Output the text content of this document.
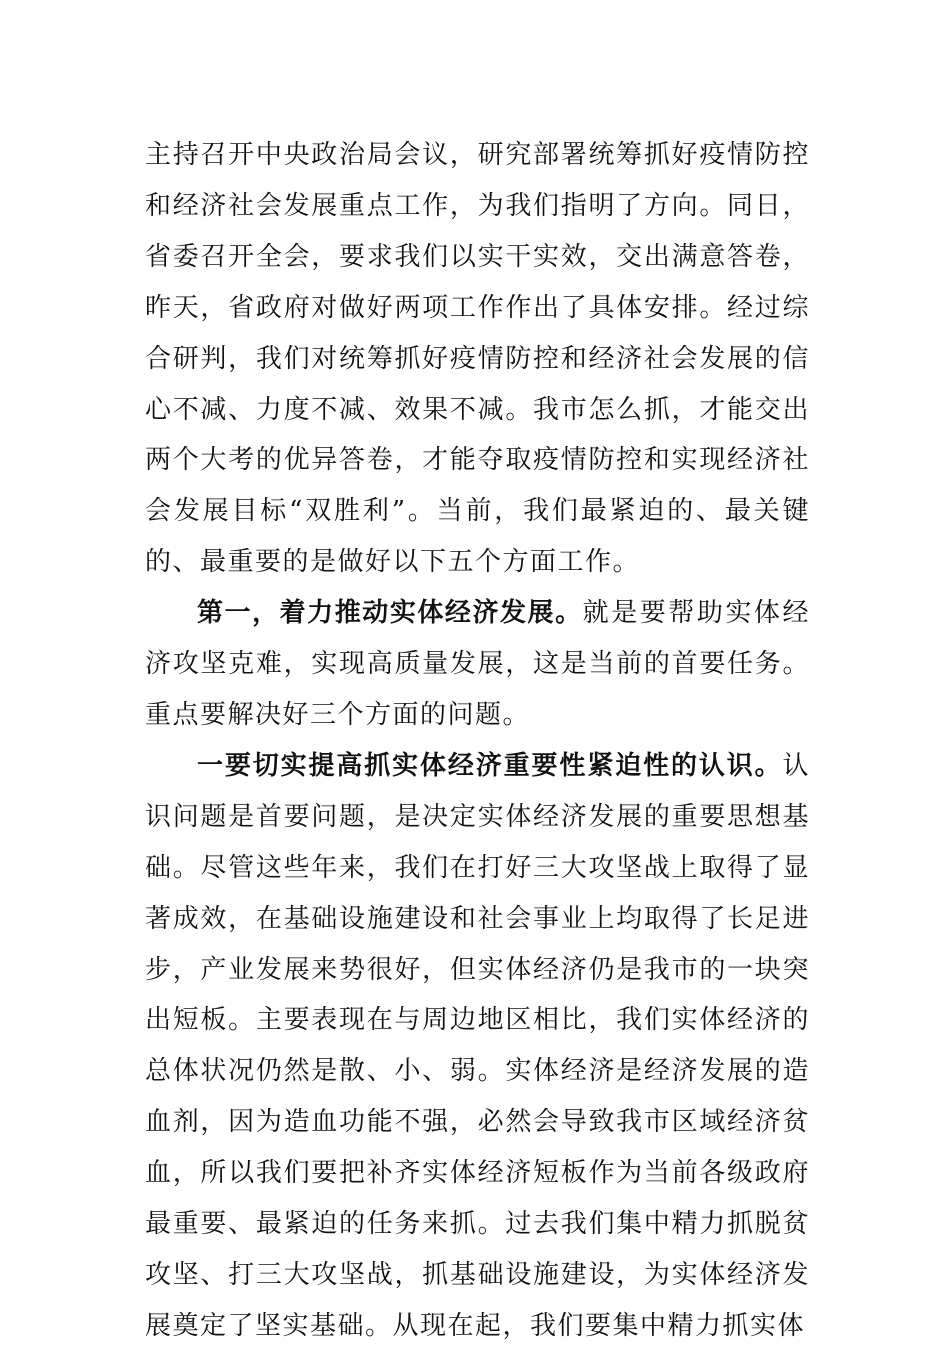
主持召开中央政治局会议，研究部署统筹抓好疫情防控和经济社会发展重点工作，为我们指明了方向。同日，省委召开全会，要求我们以实干实效，交出满意答卷，昨天，省政府对做好两项工作作出了具体安排。经过综合研判，我们对统筹抓好疫情防控和经济社会发展的信心不减、力度不减、效果不减。我市怎么抓，才能交出两个大考的优异答卷，才能夺取疫情防控和实现经济社会发展目标“双胜利”。当前，我们最紧迫的、最关键的、最重要的是做好以下五个方面工作。

第一，着力推动实体经济发展。就是要帮助实体经济攻坚克难，实现高质量发展，这是当前的首要任务。重点要解决好三个方面的问题。

一要切实提高抓实体经济重要性紧迫性的认识。认识问题是首要问题，是决定实体经济发展的重要思想基础。尽管这些年来，我们在打好三大攻坚战上取得了显著成效，在基础设施建设和社会事业上均取得了长足进步，产业发展来势很好，但实体经济仍是我市的一块突出短板。主要表现在与周边地区相比，我们实体经济的总体状况仍然是散、小、弱。实体经济是经济发展的造血剂，因为造血功能不强，必然会导致我市区域经济贫血，所以我们要把补齐实体经济短板作为当前各级政府最重要、最紧迫的任务来抓。过去我们集中精力抓脱贫攻坚、打三大攻坚战，抓基础设施建设，为实体经济发展奠定了坚实基础。从现在起，我们要集中精力抓实体
